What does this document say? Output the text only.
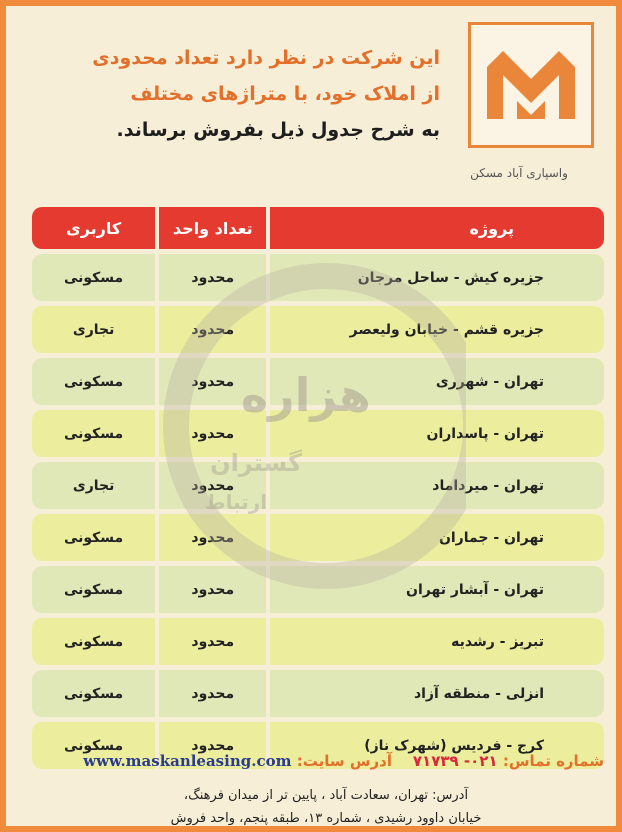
واسپاری آباد مسکن
این شرکت در نظر دارد تعداد محدودی
از املاک خود، با متراژهای مختلف
به شرح جدول ذیل بفروش برساند.
پروژه	تعداد واحد	کاربری
جزیره کیش - ساحل مرجان	محدود	مسکونی
جزیره قشم - خیابان ولیعصر	محدود	تجاری
تهران - شهرری	محدود	مسکونی
تهران - پاسداران	محدود	مسکونی
تهران - میرداماد	محدود	تجاری
تهران - جماران	محدود	مسکونی
تهران - آبشار تهران	محدود	مسکونی
تبریز - رشدیه	محدود	مسکونی
انزلی - منطقه آزاد	محدود	مسکونی
کرج - فردیس (شهرک ناز)	محدود	مسکونی
هزاره
گستران
ارتباط
شماره تماس: ۰۲۱- ۷۱۷۳۹    آدرس سایت: www.maskanleasing.com
آدرس: تهران، سعادت آباد ، پایین تر از میدان فرهنگ،
خیابان داوود رشیدی ، شماره ۱۳، طبقه پنجم، واحد فروش
